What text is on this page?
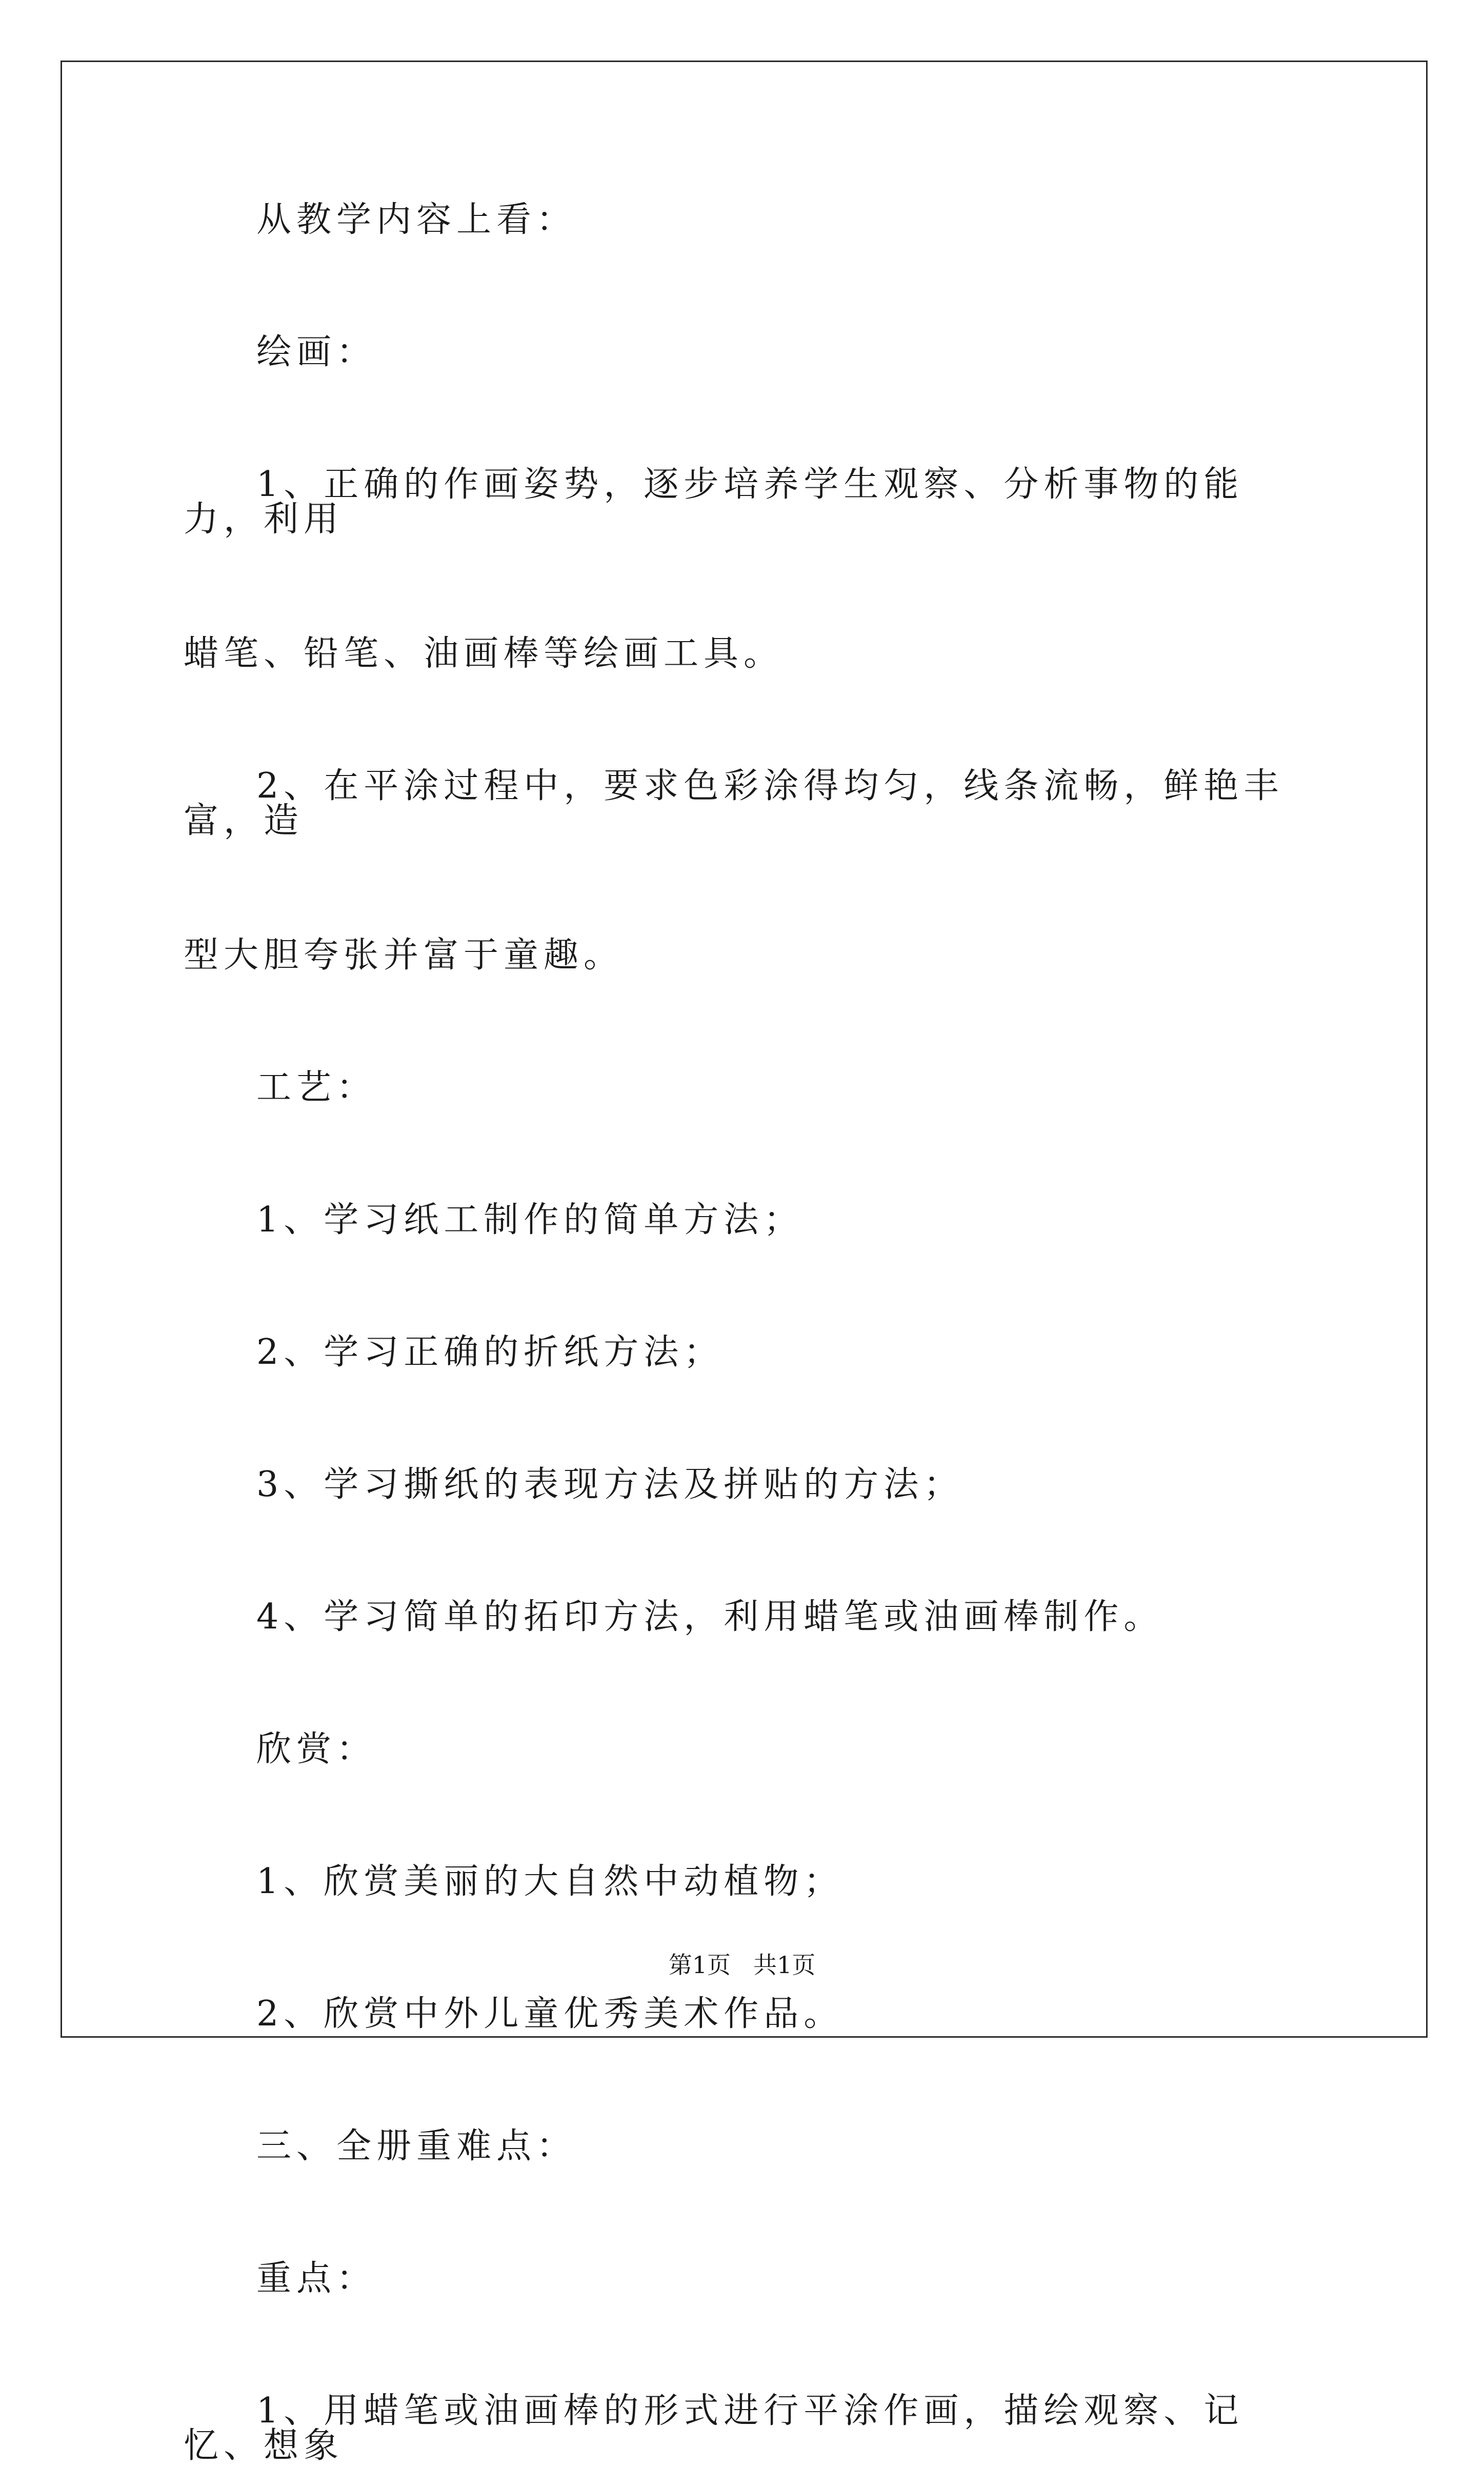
从教学内容上看：

绘画：

1、正确的作画姿势，逐步培养学生观察、分析事物的能力，利用
蜡笔、铅笔、油画棒等绘画工具。

2、在平涂过程中，要求色彩涂得均匀，线条流畅，鲜艳丰富，造
型大胆夸张并富于童趣。

工艺：

1、学习纸工制作的简单方法；

2、学习正确的折纸方法；

3、学习撕纸的表现方法及拼贴的方法；

4、学习简单的拓印方法，利用蜡笔或油画棒制作。

欣赏：

1、欣赏美丽的大自然中动植物；

2、欣赏中外儿童优秀美术作品。

三、全册重难点：

重点：

1、用蜡笔或油画棒的形式进行平涂作画，描绘观察、记忆、想象

第1页 共1页
